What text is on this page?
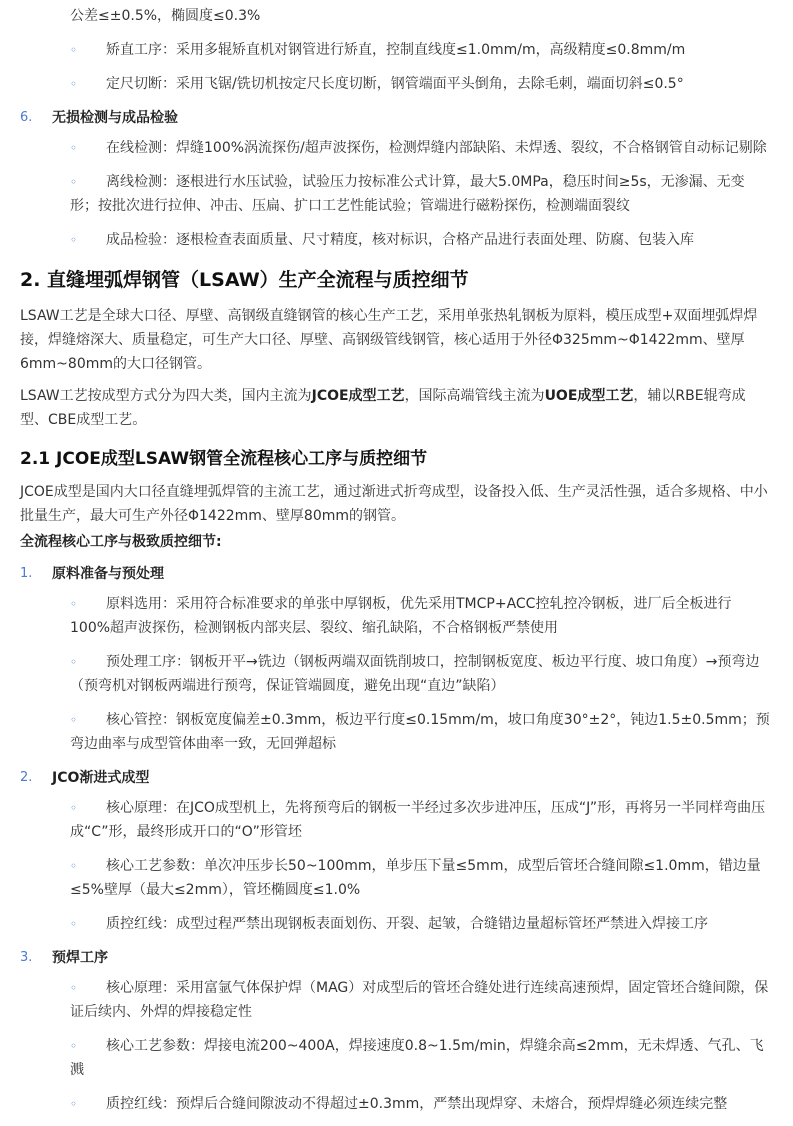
公差≤±0.5%，椭圆度≤0.3%
◦	矫直工序：采用多辊矫直机对钢管进行矫直，控制直线度≤1.0mm/m，高级精度≤0.8mm/m
◦	定尺切断：采用飞锯/铣切机按定尺长度切断，钢管端面平头倒角，去除毛刺，端面切斜≤0.5°
6. 无损检测与成品检验
◦	在线检测：焊缝100%涡流探伤/超声波探伤，检测焊缝内部缺陷、未焊透、裂纹，不合格钢管自动标记剔除
◦	离线检测：逐根进行水压试验，试验压力按标准公式计算，最大5.0MPa，稳压时间≥5s，无渗漏、无变形；按批次进行拉伸、冲击、压扁、扩口工艺性能试验；管端进行磁粉探伤，检测端面裂纹
◦	成品检验：逐根检查表面质量、尺寸精度，核对标识，合格产品进行表面处理、防腐、包装入库
2. 直缝埋弧焊钢管（LSAW）生产全流程与质控细节

LSAW工艺是全球大口径、厚壁、高钢级直缝钢管的核心生产工艺，采用单张热轧钢板为原料，模压成型+双面埋弧焊焊接，焊缝熔深大、质量稳定，可生产大口径、厚壁、高钢级管线钢管，核心适用于外径Φ325mm~Φ1422mm、壁厚6mm~80mm的大口径钢管。

LSAW工艺按成型方式分为四大类，国内主流为JCOE成型工艺，国际高端管线主流为UOE成型工艺，辅以RBE辊弯成型、CBE成型工艺。

2.1 JCOE成型LSAW钢管全流程核心工序与质控细节

JCOE成型是国内大口径直缝埋弧焊管的主流工艺，通过渐进式折弯成型，设备投入低、生产灵活性强，适合多规格、中小批量生产，最大可生产外径Φ1422mm、壁厚80mm的钢管。

全流程核心工序与极致质控细节:
1. 原料准备与预处理
◦	原料选用：采用符合标准要求的单张中厚钢板，优先采用TMCP+ACC控轧控冷钢板，进厂后全板进行100%超声波探伤，检测钢板内部夹层、裂纹、缩孔缺陷，不合格钢板严禁使用
◦	预处理工序：钢板开平→铣边（钢板两端双面铣削坡口，控制钢板宽度、板边平行度、坡口角度）→预弯边（预弯机对钢板两端进行预弯，保证管端圆度，避免出现“直边”缺陷）
◦	核心管控：钢板宽度偏差±0.3mm，板边平行度≤0.15mm/m，坡口角度30°±2°，钝边1.5±0.5mm；预弯边曲率与成型管体曲率一致，无回弹超标
2. JCO渐进式成型
◦	核心原理：在JCO成型机上，先将预弯后的钢板一半经过多次步进冲压，压成“J”形，再将另一半同样弯曲压成“C”形，最终形成开口的“O”形管坯
◦	核心工艺参数：单次冲压步长50~100mm，单步压下量≤5mm，成型后管坯合缝间隙≤1.0mm，错边量≤5%壁厚（最大≤2mm），管坯椭圆度≤1.0%
◦	质控红线：成型过程严禁出现钢板表面划伤、开裂、起皱，合缝错边量超标管坯严禁进入焊接工序
3. 预焊工序
◦	核心原理：采用富氩气体保护焊（MAG）对成型后的管坯合缝处进行连续高速预焊，固定管坯合缝间隙，保证后续内、外焊的焊接稳定性
◦	核心工艺参数：焊接电流200~400A，焊接速度0.8~1.5m/min，焊缝余高≤2mm，无未焊透、气孔、飞溅
◦	质控红线：预焊后合缝间隙波动不得超过±0.3mm，严禁出现焊穿、未熔合，预焊焊缝必须连续完整
